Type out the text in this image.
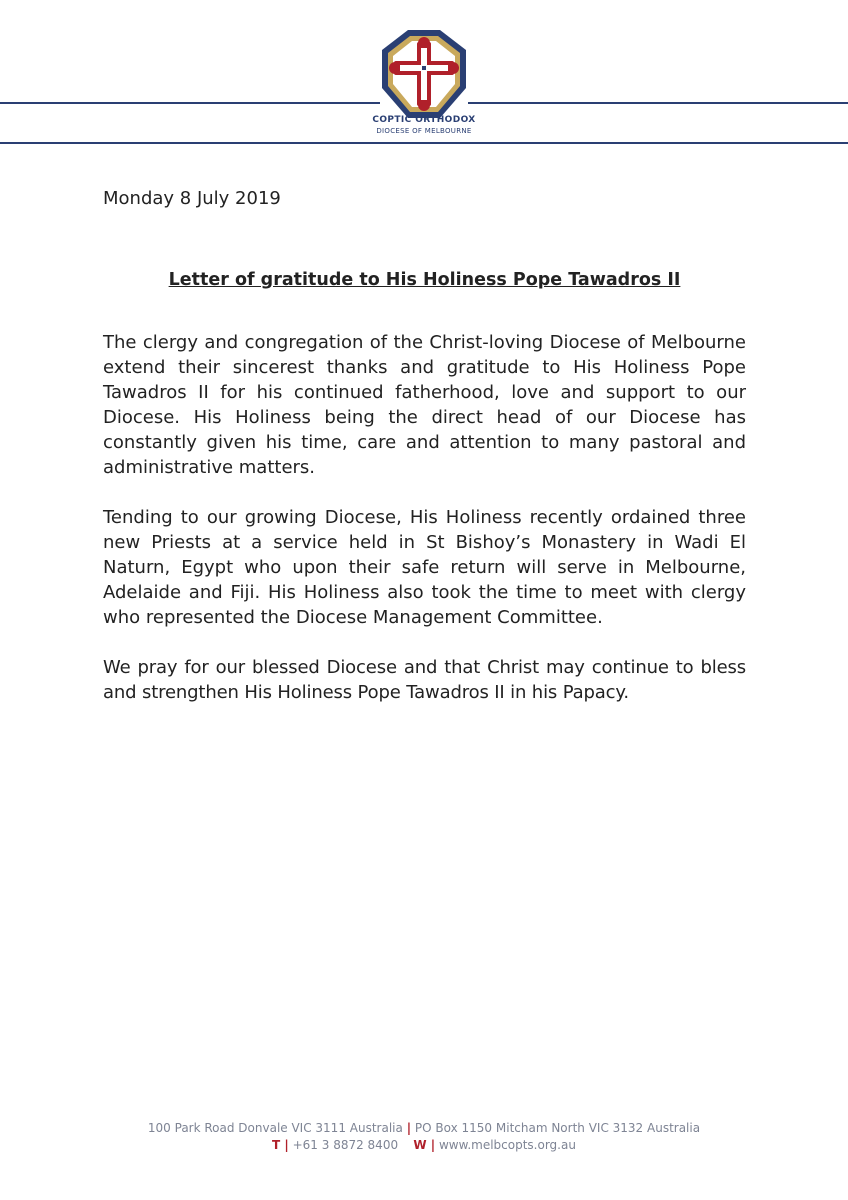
COPTIC ORTHODOX
DIOCESE OF MELBOURNE
Monday 8 July 2019
Letter of gratitude to His Holiness Pope Tawadros II

The clergy and congregation of the Christ-loving Diocese of Melbourne extend their sincerest thanks and gratitude to His Holiness Pope Tawadros II for his continued fatherhood, love and support to our Diocese. His Holiness being the direct head of our Diocese has constantly given his time, care and attention to many pastoral and administrative matters.

Tending to our growing Diocese, His Holiness recently ordained three new Priests at a service held in St Bishoy’s Monastery in Wadi El Naturn, Egypt who upon their safe return will serve in Melbourne, Adelaide and Fiji. His Holiness also took the time to meet with clergy who represented the Diocese Management Committee.

We pray for our blessed Diocese and that Christ may continue to bless and strengthen His Holiness Pope Tawadros II in his Papacy.

100 Park Road Donvale VIC 3111 Australia | PO Box 1150 Mitcham North VIC 3132 Australia
T | +61 3 8872 8400 W | www.melbcopts.org.au
